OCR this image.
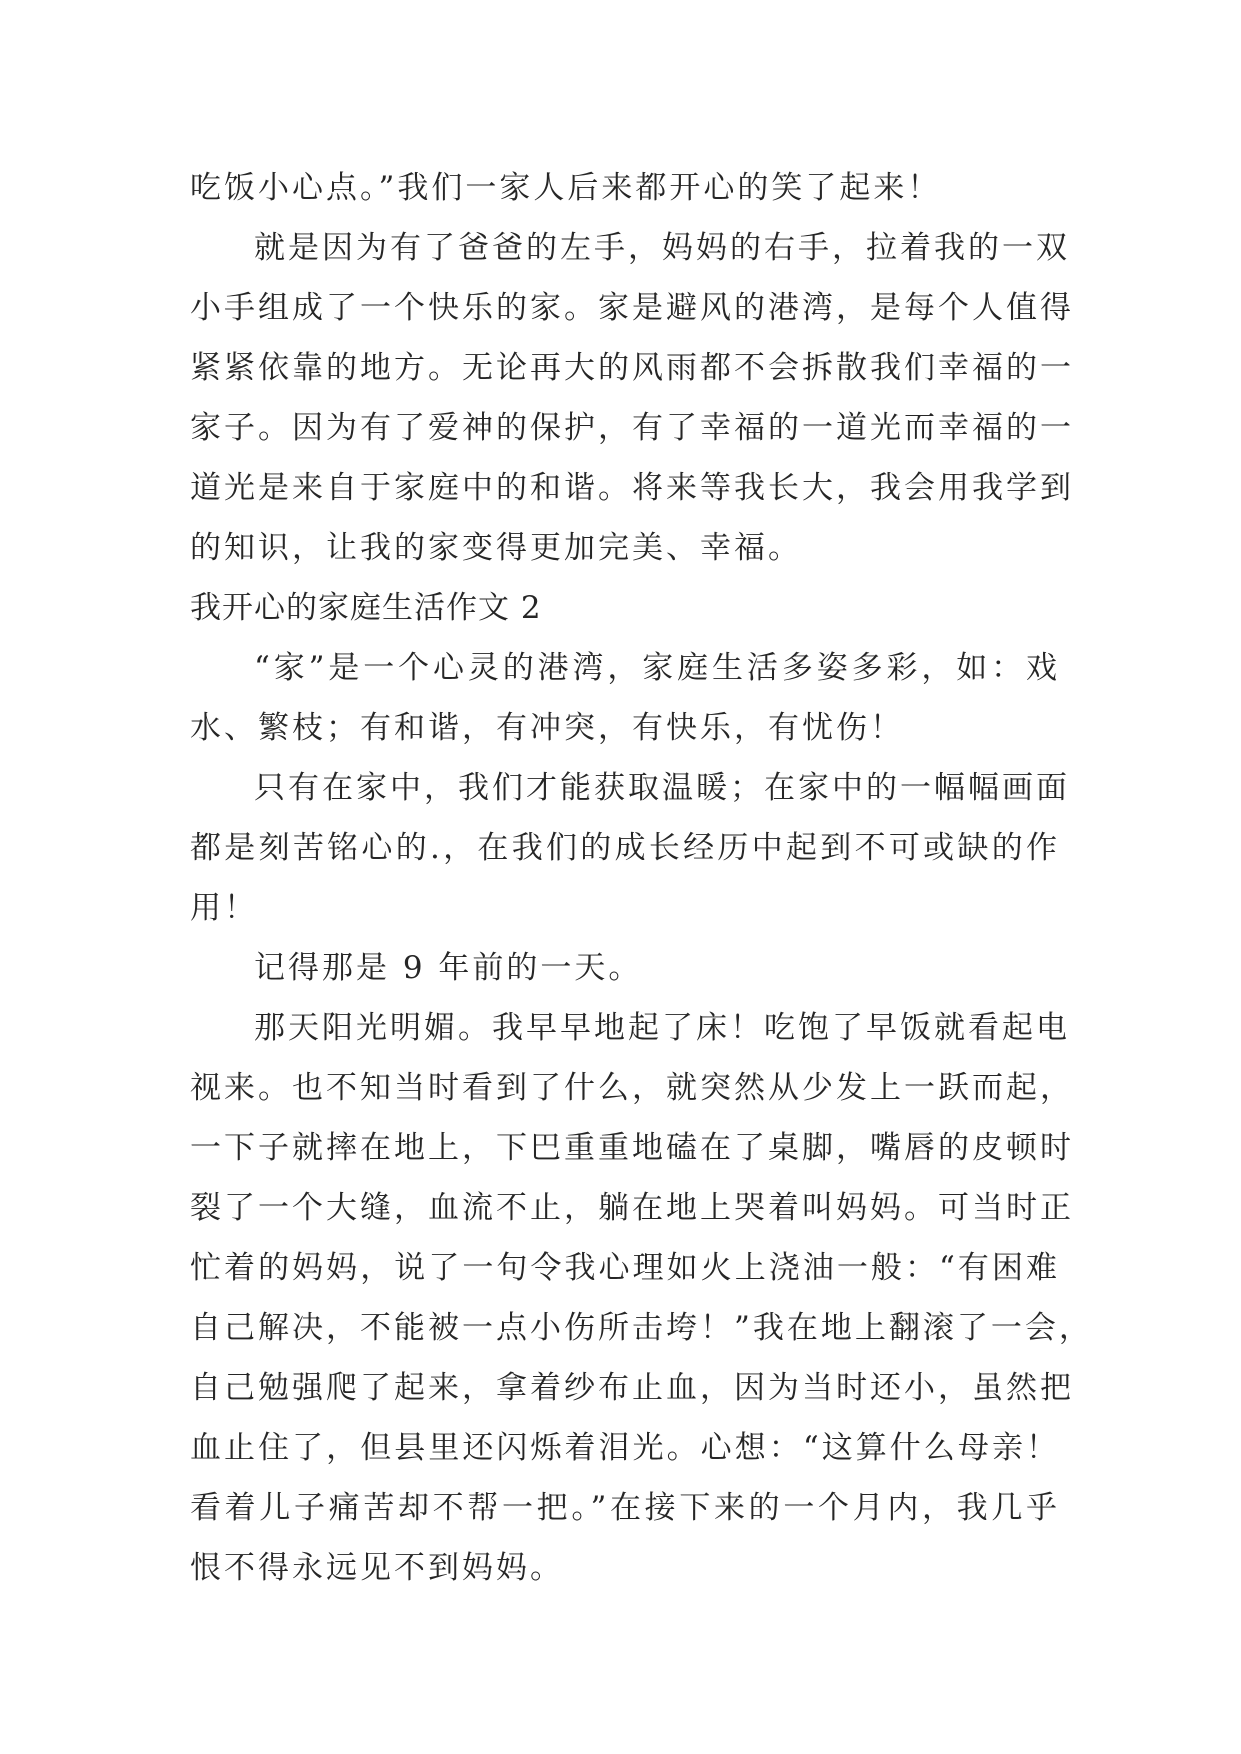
吃饭小心点。”我们一家人后来都开心的笑了起来！
就是因为有了爸爸的左手，妈妈的右手，拉着我的一双
小手组成了一个快乐的家。家是避风的港湾，是每个人值得
紧紧依靠的地方。无论再大的风雨都不会拆散我们幸福的一
家子。因为有了爱神的保护，有了幸福的一道光而幸福的一
道光是来自于家庭中的和谐。将来等我长大，我会用我学到
的知识，让我的家变得更加完美、幸福。
我开心的家庭生活作文 2
“家”是一个心灵的港湾，家庭生活多姿多彩，如：戏
水、繁枝；有和谐，有冲突，有快乐，有忧伤！
只有在家中，我们才能获取温暖；在家中的一幅幅画面
都是刻苦铭心的.，在我们的成长经历中起到不可或缺的作
用！
记得那是 9 年前的一天。
那天阳光明媚。我早早地起了床！吃饱了早饭就看起电
视来。也不知当时看到了什么，就突然从少发上一跃而起，
一下子就摔在地上，下巴重重地磕在了桌脚，嘴唇的皮顿时
裂了一个大缝，血流不止，躺在地上哭着叫妈妈。可当时正
忙着的妈妈，说了一句令我心理如火上浇油一般：“有困难
自己解决，不能被一点小伤所击垮！”我在地上翻滚了一会，
自己勉强爬了起来，拿着纱布止血，因为当时还小，虽然把
血止住了，但县里还闪烁着泪光。心想：“这算什么母亲！
看着儿子痛苦却不帮一把。”在接下来的一个月内，我几乎
恨不得永远见不到妈妈。
